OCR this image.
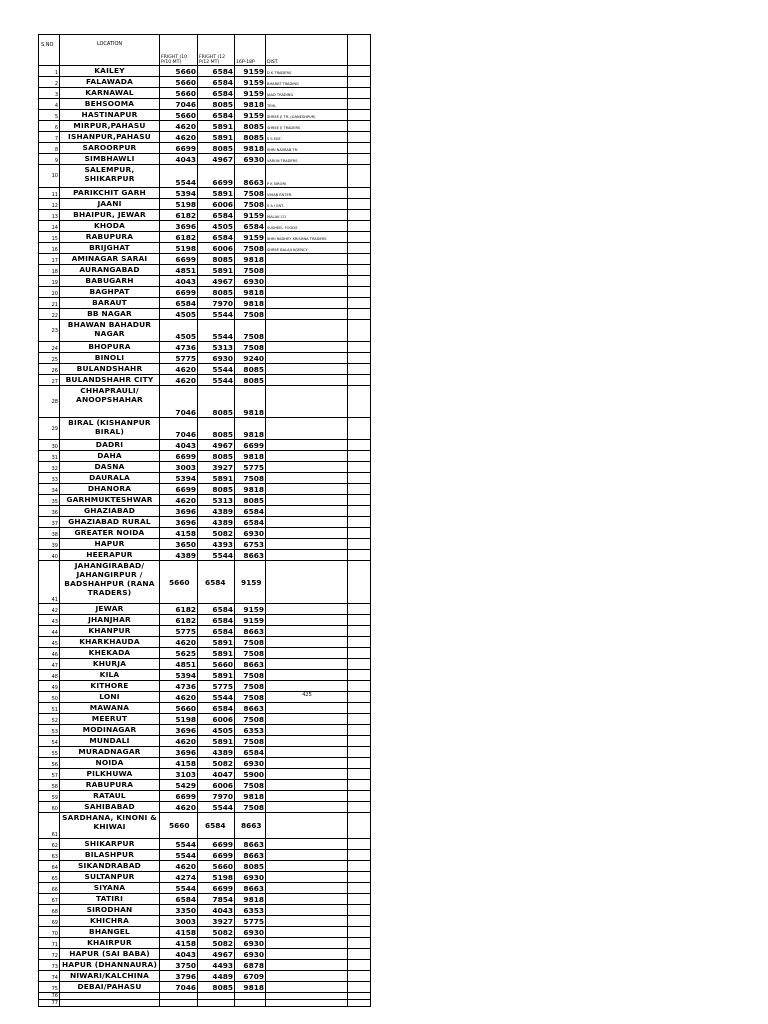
S.NO	LOCATION	FRIGHT (10 P/10 MT)	FRIGHT (12 P/12 MT)	16P-18P	DIST.	
1	KAILEY	5660	6584	9159	D K TRADERS	
2	FALAWADA	5660	6584	9159	BHARAT TRADING	
3	KARNAWAL	5660	6584	9159	JAAD TRADING	
4	BEHSOOMA	7046	8085	9818	TEHL	
5	HASTINAPUR	5660	6584	9159	SHREE JI TR. (GANESHPUR)	
6	MIRPUR,PAHASU	4620	5891	8085	SHREE JI TRADERS	
7	ISHANPUR,PAHASU	4620	5891	8085	S S ENT.	
8	SAROORPUR	6699	8085	9818	SHRI NAVRAB TR.	
9	SIMBHAWLI	4043	4967	6930	VARUN TRADERS	
10	SALEMPUR, SHIKARPUR	5544	6699	8663	P K SIRORI	
11	PARIKCHIT GARH	5394	5891	7508	VIHAB ENTER.	
12	JAANI	5198	6006	7508	S A I ENT.	
13	BHAIPUR, JEWAR	6182	6584	9159	MALAK CO	
14	KHODA	3696	4505	6584	SUSHEEL FOODS	
15	RABUPURA	6182	6584	9159	SHRI RADHEY KRISHNA TRADERS	
16	BRIJGHAT	5198	6006	7508	SHREE BALAJI AGENCY	
17	AMINAGAR SARAI	6699	8085	9818		
18	AURANGABAD	4851	5891	7508		
19	BABUGARH	4043	4967	6930		
20	BAGHPAT	6699	8085	9818		
21	BARAUT	6584	7970	9818		
22	BB NAGAR	4505	5544	7508		
23	BHAWAN BAHADUR NAGAR	4505	5544	7508		
24	BHOPURA	4736	5313	7508		
25	BINOLI	5775	6930	9240		
26	BULANDSHAHR	4620	5544	8085		
27	BULANDSHAHR CITY	4620	5544	8085		
28	CHHAPRAULI/ ANOOPSHAHAR	7046	8085	9818		
29	BIRAL (KISHANPUR BIRAL)	7046	8085	9818		
30	DADRI	4043	4967	6699		
31	DAHA	6699	8085	9818		
32	DASNA	3003	3927	5775		
33	DAURALA	5394	5891	7508		
34	DHANORA	6699	8085	9818		
35	GARHMUKTESHWAR	4620	5313	8085		
36	GHAZIABAD	3696	4389	6584		
37	GHAZIABAD RURAL	3696	4389	6584		
38	GREATER NOIDA	4158	5082	6930		
39	HAPUR	3650	4393	6753		
40	HEERAPUR	4389	5544	8663		
41	JAHANGIRABAD/ JAHANGIRPUR / BADSHAHPUR (RANA TRADERS)	5660	6584	9159		
42	JEWAR	6182	6584	9159		
43	JHANJHAR	6182	6584	9159		
44	KHANPUR	5775	6584	8663		
45	KHARKHAUDA	4620	5891	7508		
46	KHEKADA	5625	5891	7508		
47	KHURJA	4851	5660	8663		
48	KILA	5394	5891	7508		
49	KITHORE	4736	5775	7508		
50	LONI	4620	5544	7508	425	
51	MAWANA	5660	6584	8663		
52	MEERUT	5198	6006	7508		
53	MODINAGAR	3696	4505	6353		
54	MUNDALI	4620	5891	7508		
55	MURADNAGAR	3696	4389	6584		
56	NOIDA	4158	5082	6930		
57	PILKHUWA	3103	4047	5900		
58	RABUPURA	5429	6006	7508		
59	RATAUL	6699	7970	9818		
60	SAHIBABAD	4620	5544	7508		
61	SARDHANA, KINONI & KHIWAI	5660	6584	8663		
62	SHIKARPUR	5544	6699	8663		
63	BILASHPUR	5544	6699	8663		
64	SIKANDRABAD	4620	5660	8085		
65	SULTANPUR	4274	5198	6930		
66	SIYANA	5544	6699	8663		
67	TATIRI	6584	7854	9818		
68	SIRODHAN	3350	4043	6353		
69	KHICHRA	3003	3927	5775		
70	BHANGEL	4158	5082	6930		
71	KHAIRPUR	4158	5082	6930		
72	HAPUR (SAI BABA)	4043	4967	6930		
73	HAPUR (DHANNAURA)	3750	4493	6878		
74	NIWARI/KALCHINA	3796	4489	6709		
75	DEBAI/PAHASU	7046	8085	9818		
76						
77						
